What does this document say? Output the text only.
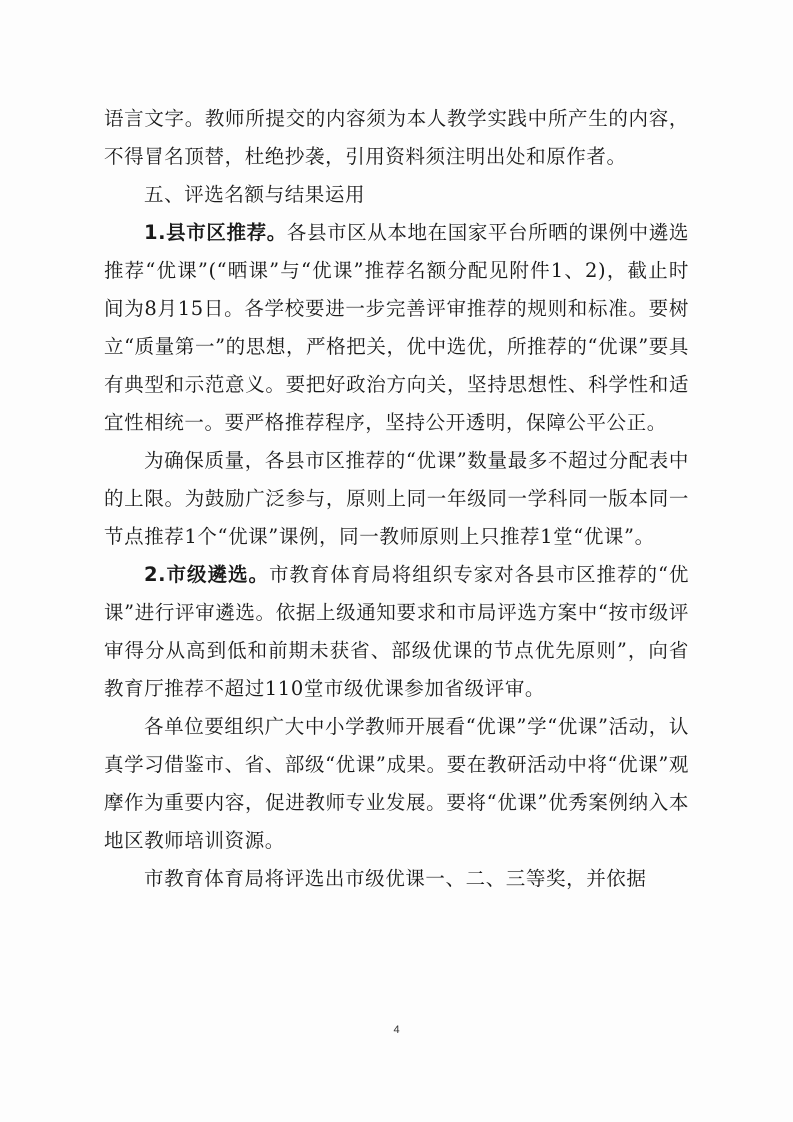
语言文字。教师所提交的内容须为本人教学实践中所产生的内容，不得冒名顶替，杜绝抄袭，引用资料须注明出处和原作者。

五、评选名额与结果运用

1.县市区推荐。各县市区从本地在国家平台所晒的课例中遴选推荐“优课”(“晒课”与“优课”推荐名额分配见附件1、2)，截止时间为8月15日。各学校要进一步完善评审推荐的规则和标准。要树立“质量第一”的思想，严格把关，优中选优，所推荐的“优课”要具有典型和示范意义。要把好政治方向关，坚持思想性、科学性和适宜性相统一。要严格推荐程序，坚持公开透明，保障公平公正。

为确保质量，各县市区推荐的“优课”数量最多不超过分配表中的上限。为鼓励广泛参与，原则上同一年级同一学科同一版本同一节点推荐1个“优课”课例，同一教师原则上只推荐1堂“优课”。

2.市级遴选。市教育体育局将组织专家对各县市区推荐的“优课”进行评审遴选。依据上级通知要求和市局评选方案中“按市级评审得分从高到低和前期未获省、部级优课的节点优先原则”，向省教育厅推荐不超过110堂市级优课参加省级评审。

各单位要组织广大中小学教师开展看“优课”学“优课”活动，认真学习借鉴市、省、部级“优课”成果。要在教研活动中将“优课”观摩作为重要内容，促进教师专业发展。要将“优课”优秀案例纳入本地区教师培训资源。

市教育体育局将评选出市级优课一、二、三等奖，并依据

4
